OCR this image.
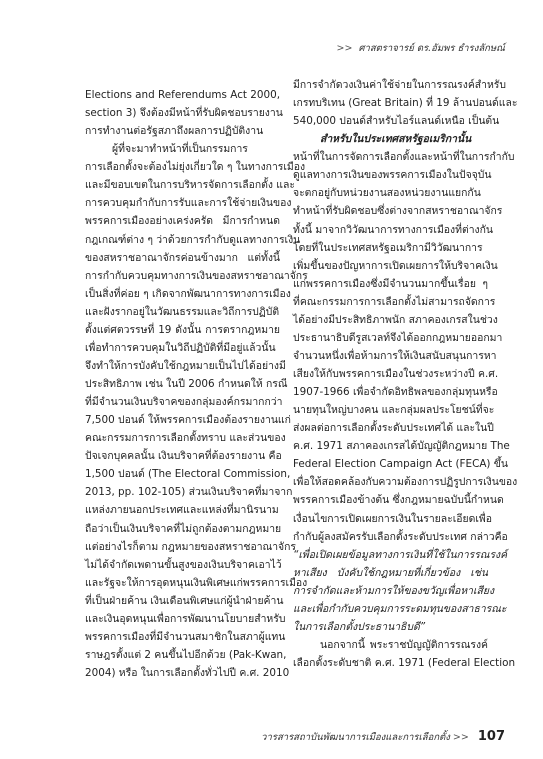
>> ศาสตราจารย์ ดร.อัมพร ธำรงลักษณ์
Elections and Referendums Act 2000,
section 3) จึงต้องมีหน้าที่รับผิดชอบรายงาน
การทำงานต่อรัฐสภาถึงผลการปฏิบัติงาน
ผู้ที่จะมาทำหน้าที่เป็นกรรมการ
การเลือกตั้งจะต้องไม่ยุ่งเกี่ยวใด ๆ ในทางการเมือง
และมีขอบเขตในการบริหารจัดการเลือกตั้ง และ
การควบคุมกำกับการรับและการใช้จ่ายเงินของ
พรรคการเมืองอย่างเคร่งครัด มีการกำหนด
กฎเกณฑ์ต่าง ๆ ว่าด้วยการกำกับดูแลทางการเงิน
ของสหราชอาณาจักรค่อนข้างมาก แต่ทั้งนี้
การกำกับควบคุมทางการเงินของสหราชอาณาจักร
เป็นสิ่งที่ค่อย ๆ เกิดจากพัฒนาการทางการเมือง
และฝังรากอยู่ในวัฒนธรรมและวิถีการปฏิบัติ
ตั้งแต่ศตวรรษที่ 19 ดังนั้น การตรากฎหมาย
เพื่อทำการควบคุมในวิถีปฏิบัติที่มีอยู่แล้วนั้น
จึงทำให้การบังคับใช้กฎหมายเป็นไปได้อย่างมี
ประสิทธิภาพ เช่น ในปี 2006 กำหนดให้ กรณี
ที่มีจำนวนเงินบริจาคของกลุ่มองค์กรมากกว่า
7,500 ปอนด์ ให้พรรคการเมืองต้องรายงานแก่
คณะกรรมการการเลือกตั้งทราบ และส่วนของ
ปัจเจกบุคคลนั้น เงินบริจาคที่ต้องรายงาน คือ
1,500 ปอนด์ (The Electoral Commission,
2013, pp. 102-105) ส่วนเงินบริจาคที่มาจาก
แหล่งภายนอกประเทศและแหล่งที่มานิรนาม
ถือว่าเป็นเงินบริจาคที่ไม่ถูกต้องตามกฎหมาย
แต่อย่างไรก็ตาม กฎหมายของสหราชอาณาจักร
ไม่ได้จำกัดเพดานขั้นสูงของเงินบริจาคเอาไว้
และรัฐจะให้การอุดหนุนเงินพิเศษแก่พรรคการเมือง
ที่เป็นฝ่ายค้าน เงินเดือนพิเศษแก่ผู้นำฝ่ายค้าน
และเงินอุดหนุนเพื่อการพัฒนานโยบายสำหรับ
พรรคการเมืองที่มีจำนวนสมาชิกในสภาผู้แทน
ราษฎรตั้งแต่ 2 คนขึ้นไปอีกด้วย (Pak-Kwan,
2004) หรือ ในการเลือกตั้งทั่วไปปี ค.ศ. 2010
มีการจำกัดวงเงินค่าใช้จ่ายในการรณรงค์สำหรับ
เกรทบริเทน (Great Britain) ที่ 19 ล้านปอนด์และ
540,000 ปอนด์สำหรับไอร์แลนด์เหนือ เป็นต้น
สำหรับในประเทศสหรัฐอเมริกานั้น
หน้าที่ในการจัดการเลือกตั้งและหน้าที่ในการกำกับ
ดูแลทางการเงินของพรรคการเมืองในปัจจุบัน
จะตกอยู่กับหน่วยงานสองหน่วยงานแยกกัน
ทำหน้าที่รับผิดชอบซึ่งต่างจากสหราชอาณาจักร
ทั้งนี้ มาจากวิวัฒนาการทางการเมืองที่ต่างกัน
โดยที่ในประเทศสหรัฐอเมริกามีวิวัฒนาการ
เพิ่มขึ้นของปัญหาการเปิดเผยการให้บริจาคเงิน
แก่พรรคการเมืองซึ่งมีจำนวนมากขึ้นเรื่อย ๆ
ที่คณะกรรมการการเลือกตั้งไม่สามารถจัดการ
ได้อย่างมีประสิทธิภาพนัก สภาคองเกรสในช่วง
ประธานาธิบดีรูสเวลท์จึงได้ออกกฎหมายออกมา
จำนวนหนึ่งเพื่อห้ามการให้เงินสนับสนุนการหา
เสียงให้กับพรรคการเมืองในช่วงระหว่างปี ค.ศ.
1907-1966 เพื่อจำกัดอิทธิพลของกลุ่มทุนหรือ
นายทุนใหญ่บางคน และกลุ่มผลประโยชน์ที่จะ
ส่งผลต่อการเลือกตั้งระดับประเทศได้ และในปี
ค.ศ. 1971 สภาคองเกรสได้บัญญัติกฎหมาย The
Federal Election Campaign Act (FECA) ขึ้น
เพื่อให้สอดคล้องกับความต้องการปฏิรูปการเงินของ
พรรคการเมืองข้างต้น ซึ่งกฎหมายฉบับนี้กำหนด
เงื่อนไขการเปิดเผยการเงินในรายละเอียดเพื่อ
กำกับผู้ลงสมัครรับเลือกตั้งระดับประเทศ กล่าวคือ
“เพื่อเปิดเผยข้อมูลทางการเงินที่ใช้ในการรณรงค์
หาเสียง บังคับใช้กฎหมายที่เกี่ยวข้อง เช่น
การจำกัดและห้ามการให้ของขวัญเพื่อหาเสียง
และเพื่อกำกับควบคุมการระดมทุนของสาธารณะ
ในการเลือกตั้งประธานาธิบดี”
นอกจากนี้ พระราชบัญญัติการรณรงค์
เลือกตั้งระดับชาติ ค.ศ. 1971 (Federal Election
วารสารสถาบันพัฒนาการเมืองและการเลือกตั้ง >> 107
